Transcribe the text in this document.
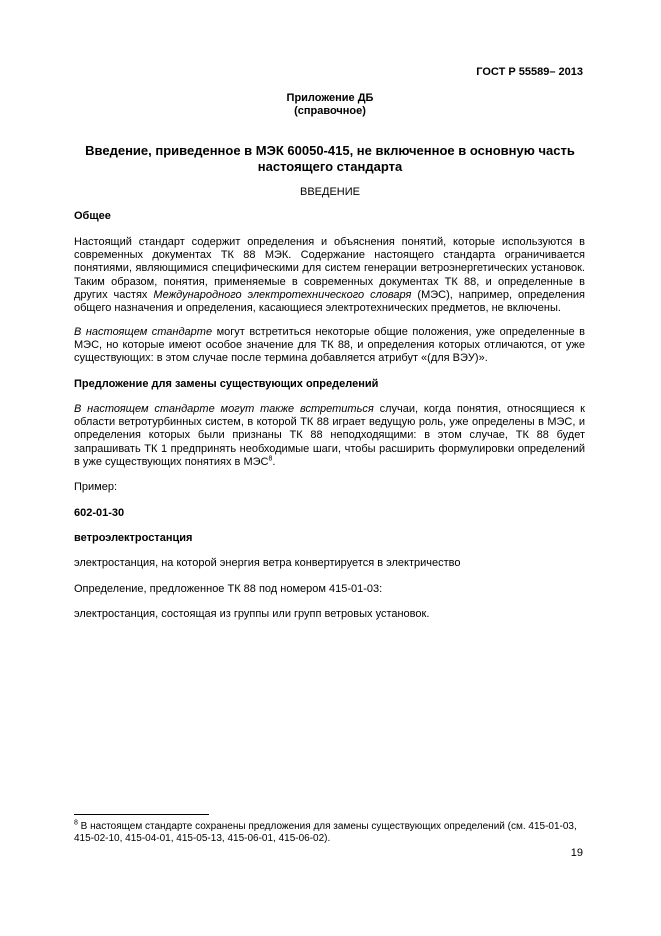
ГОСТ Р 55589– 2013
Приложение ДБ
(справочное)
Введение, приведенное в МЭК 60050-415, не включенное в основную часть
настоящего стандарта
ВВЕДЕНИЕ
Общее
Настоящий стандарт содержит определения и объяснения понятий, которые используются в современных документах ТК 88 МЭК. Содержание настоящего стандарта ограничивается понятиями, являющимися специфическими для систем генерации ветроэнергетических установок. Таким образом, понятия, применяемые в современных документах ТК 88, и определенные в других частях Международного электротехнического словаря (МЭС), например, определения общего назначения и определения, касающиеся электротехнических предметов, не включены.
В настоящем стандарте могут встретиться некоторые общие положения, уже определенные в МЭС, но которые имеют особое значение для ТК 88, и определения которых отличаются, от уже существующих: в этом случае после термина добавляется атрибут «(для ВЭУ)».
Предложение для замены существующих определений
В настоящем стандарте могут также встретиться случаи, когда понятия, относящиеся к области ветротурбинных систем, в которой ТК 88 играет ведущую роль, уже определены в МЭС, и определения которых были признаны ТК 88 неподходящими: в этом случае, ТК 88 будет запрашивать ТК 1 предпринять необходимые шаги, чтобы расширить формулировки определений в уже существующих понятиях в МЭС$^8$.
Пример:
602-01-30
ветроэлектростанция
электростанция, на которой энергия ветра конвертируется в электричество
Определение, предложенное ТК 88 под номером 415-01-03:
электростанция, состоящая из группы или групп ветровых установок.
$^8$ В настоящем стандарте сохранены предложения для замены существующих определений (см. 415-01-03, 415-02-10, 415-04-01, 415-05-13, 415-06-01, 415-06-02).
19
